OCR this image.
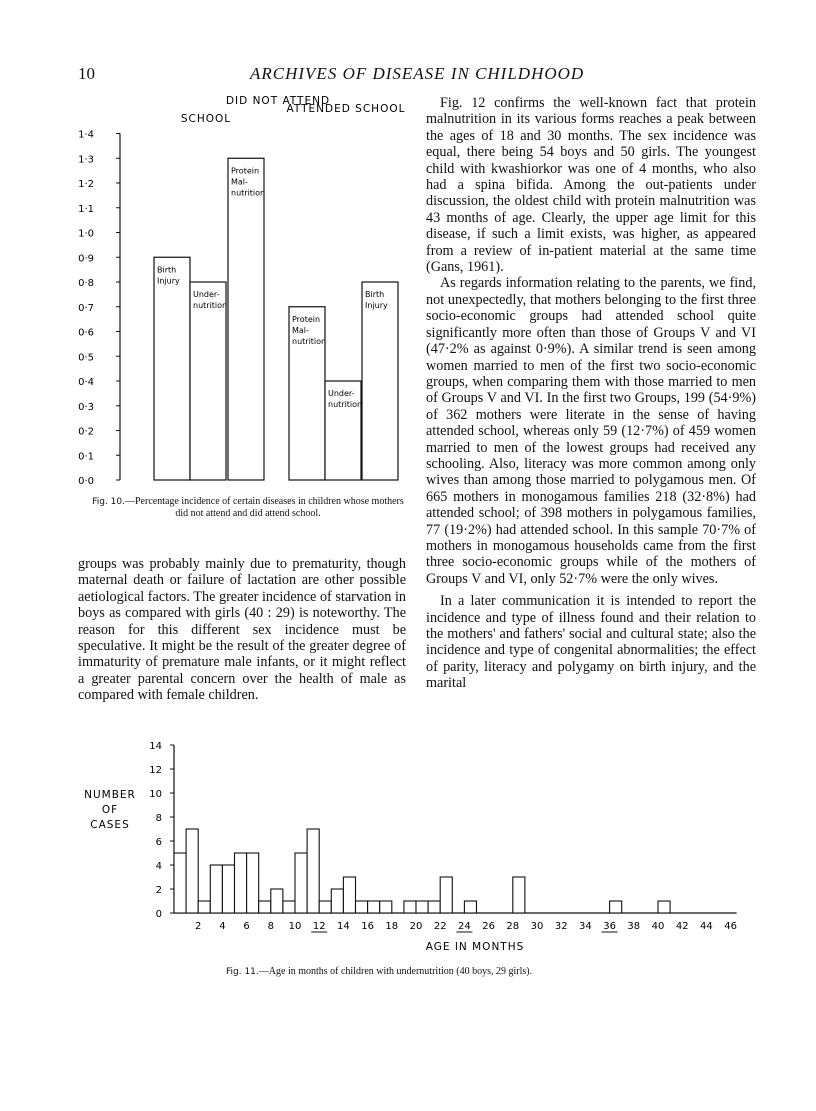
10	ARCHIVES OF DISEASE IN CHILDHOOD
DID NOT ATTEND
SCHOOL
ATTENDED SCHOOL
0·0
0·1
0·2
0·3
0·4
0·5
0·6
0·7
0·8
0·9
1·0
1·1
1·2
1·3
1·4
Birth Injury
Under-nutrition
Protein Mal-nutrition
Protein Mal-nutrition
Under-nutrition
Birth Injury
Fig. 10.—Percentage incidence of certain diseases in children whose mothers did not attend and did attend school.

groups was probably mainly due to prematurity, though maternal death or failure of lactation are other possible aetiological factors. The greater incidence of starvation in boys as compared with girls (40 : 29) is noteworthy. The reason for this different sex incidence must be speculative. It might be the result of the greater degree of immaturity of premature male infants, or it might reflect a greater parental concern over the health of male as compared with female children.

Fig. 12 confirms the well-known fact that protein malnutrition in its various forms reaches a peak between the ages of 18 and 30 months. The sex incidence was equal, there being 54 boys and 50 girls. The youngest child with kwashiorkor was one of 4 months, who also had a spina bifida. Among the out-patients under discussion, the oldest child with protein malnutrition was 43 months of age. Clearly, the upper age limit for this disease, if such a limit exists, was higher, as appeared from a review of in-patient material at the same time (Gans, 1961).

As regards information relating to the parents, we find, not unexpectedly, that mothers belonging to the first three socio-economic groups had attended school quite significantly more often than those of Groups V and VI (47·2% as against 0·9%). A similar trend is seen among women married to men of the first two socio-economic groups, when comparing them with those married to men of Groups V and VI. In the first two Groups, 199 (54·9%) of 362 mothers were literate in the sense of having attended school, whereas only 59 (12·7%) of 459 women married to men of the lowest groups had received any schooling. Also, literacy was more common among only wives than among those married to polygamous men. Of 665 mothers in monogamous families 218 (32·8%) had attended school; of 398 mothers in polygamous families, 77 (19·2%) had attended school. In this sample 70·7% of mothers in monogamous households came from the first three socio-economic groups while of the mothers of Groups V and VI, only 52·7% were the only wives.

In a later communication it is intended to report the incidence and type of illness found and their relation to the mothers' and fathers' social and cultural state; also the incidence and type of congenital abnormalities; the effect of parity, literacy and polygamy on birth injury, and the marital

NUMBER
OF
CASES
AGE IN MONTHS
0
2
4
6
8
10
12
14
2 4 6 8 10 12 14 16 18 20 22 24 26 28 30 32 34 36 38 40 42 44 46
Fig. 11.—Age in months of children with undernutrition (40 boys, 29 girls).
